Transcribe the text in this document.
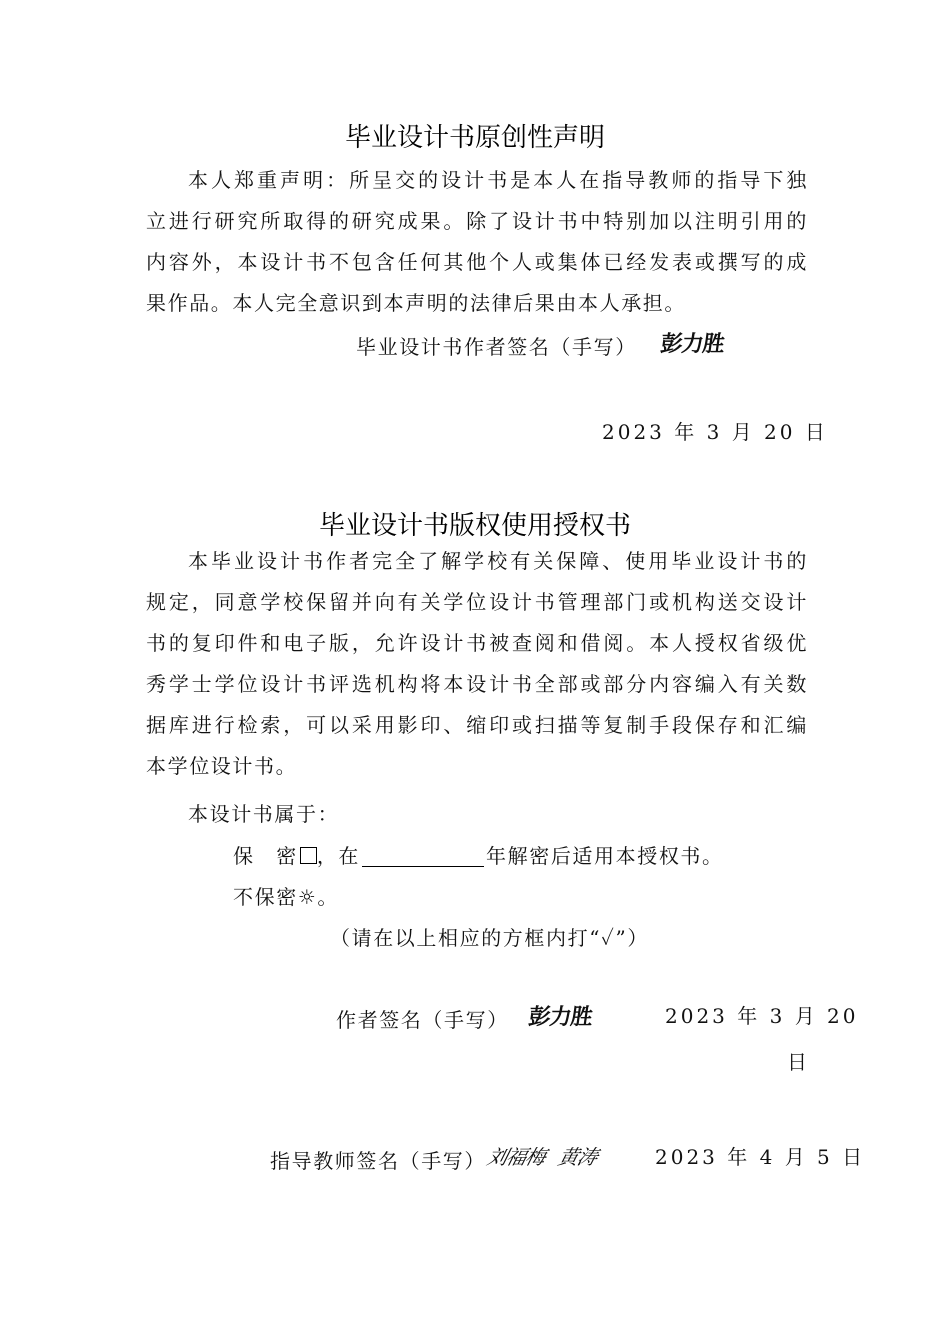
毕业设计书原创性声明
本人郑重声明：所呈交的设计书是本人在指导教师的指导下独
立进行研究所取得的研究成果。除了设计书中特别加以注明引用的
内容外，本设计书不包含任何其他个人或集体已经发表或撰写的成
果作品。本人完全意识到本声明的法律后果由本人承担。
毕业设计书作者签名（手写） 彭力胜
2023 年 3 月 20 日
毕业设计书版权使用授权书
本毕业设计书作者完全了解学校有关保障、使用毕业设计书的
规定，同意学校保留并向有关学位设计书管理部门或机构送交设计
书的复印件和电子版，允许设计书被查阅和借阅。本人授权省级优
秀学士学位设计书评选机构将本设计书全部或部分内容编入有关数
据库进行检索，可以采用影印、缩印或扫描等复制手段保存和汇编
本学位设计书。
本设计书属于：
保　密 ，在	年解密后适用本授权书。
不保密☼。
（请在以上相应的方框内打“✓”）
作者签名（手写） 彭力胜	2023 年 3 月 20
日
指导教师签名（手写）刘福梅 黄涛	2023 年 4 月 5 日
